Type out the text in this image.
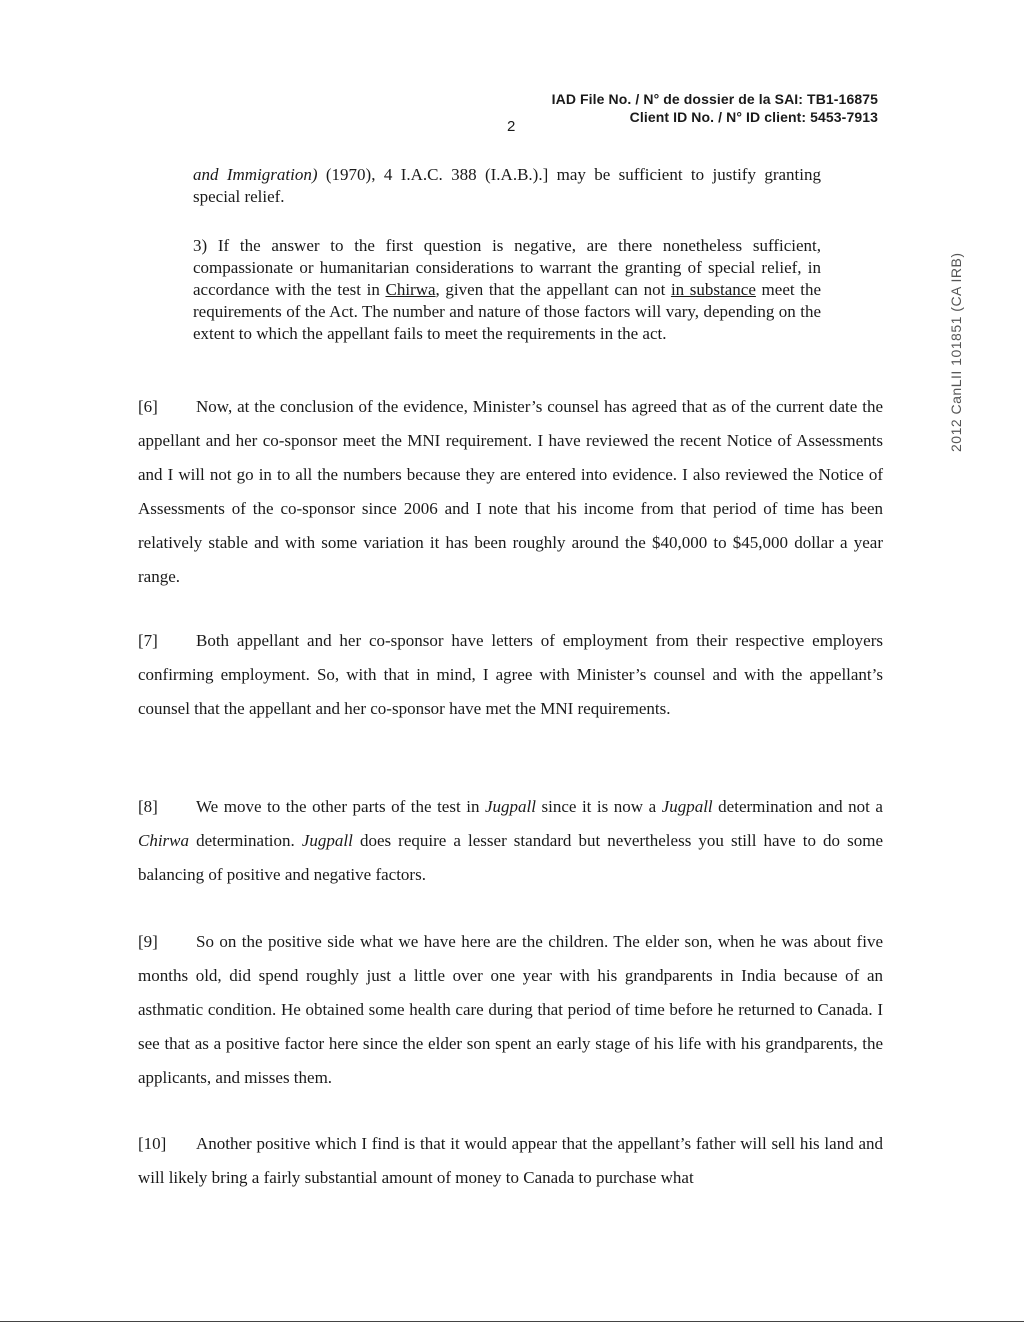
IAD File No. / N° de dossier de la SAI: TB1-16875
Client ID No. / N° ID client: 5453-7913
2
2012 CanLII 101851 (CA IRB)
and Immigration) (1970), 4 I.A.C. 388 (I.A.B.).] may be sufficient to justify granting special relief.
3) If the answer to the first question is negative, are there nonetheless sufficient, compassionate or humanitarian considerations to warrant the granting of special relief, in accordance with the test in Chirwa, given that the appellant can not in substance meet the requirements of the Act. The number and nature of those factors will vary, depending on the extent to which the appellant fails to meet the requirements in the act.
[6] Now, at the conclusion of the evidence, Minister’s counsel has agreed that as of the current date the appellant and her co-sponsor meet the MNI requirement. I have reviewed the recent Notice of Assessments and I will not go in to all the numbers because they are entered into evidence. I also reviewed the Notice of Assessments of the co-sponsor since 2006 and I note that his income from that period of time has been relatively stable and with some variation it has been roughly around the $40,000 to $45,000 dollar a year range.
[7] Both appellant and her co-sponsor have letters of employment from their respective employers confirming employment. So, with that in mind, I agree with Minister’s counsel and with the appellant’s counsel that the appellant and her co-sponsor have met the MNI requirements.
[8] We move to the other parts of the test in Jugpall since it is now a Jugpall determination and not a Chirwa determination. Jugpall does require a lesser standard but nevertheless you still have to do some balancing of positive and negative factors.
[9] So on the positive side what we have here are the children. The elder son, when he was about five months old, did spend roughly just a little over one year with his grandparents in India because of an asthmatic condition. He obtained some health care during that period of time before he returned to Canada. I see that as a positive factor here since the elder son spent an early stage of his life with his grandparents, the applicants, and misses them.
[10] Another positive which I find is that it would appear that the appellant’s father will sell his land and will likely bring a fairly substantial amount of money to Canada to purchase what
